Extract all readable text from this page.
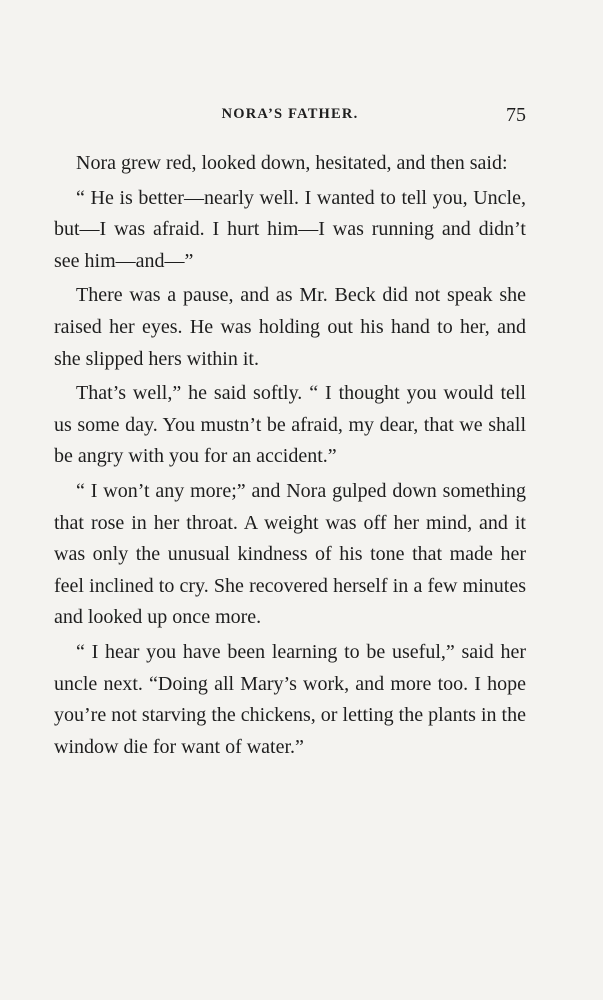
NORA’S FATHER.	75

Nora grew red, looked down, hesitated, and then said:

“ He is better—nearly well. I wanted to tell you, Uncle, but—I was afraid. I hurt him—I was running and didn’t see him—and—”

There was a pause, and as Mr. Beck did not speak she raised her eyes. He was holding out his hand to her, and she slipped hers within it.

That’s well,” he said softly. “ I thought you would tell us some day. You mustn’t be afraid, my dear, that we shall be angry with you for an accident.”

“ I won’t any more;” and Nora gulped down something that rose in her throat. A weight was off her mind, and it was only the unusual kindness of his tone that made her feel inclined to cry. She recovered herself in a few minutes and looked up once more.

“ I hear you have been learning to be useful,” said her uncle next. “Doing all Mary’s work, and more too. I hope you’re not starving the chickens, or letting the plants in the window die for want of water.”
